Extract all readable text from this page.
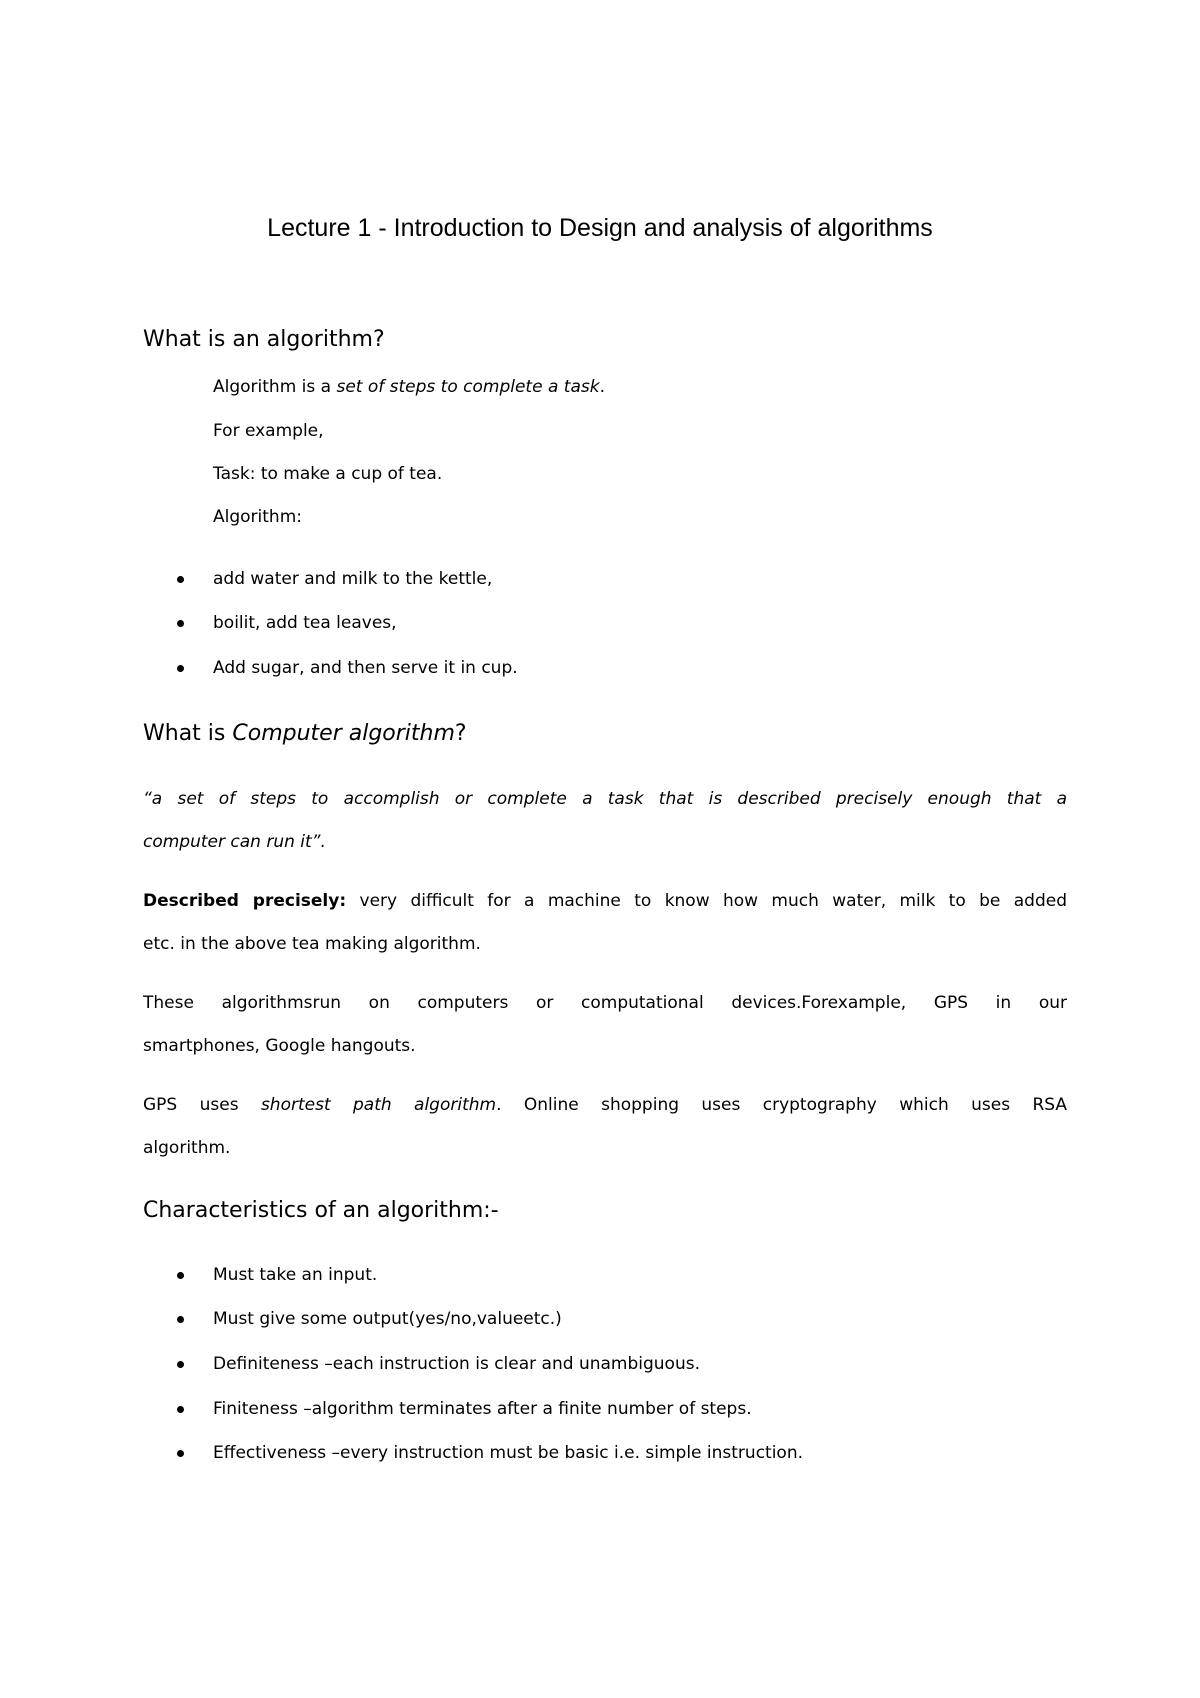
Lecture 1 - Introduction to Design and analysis of algorithms
What is an algorithm?
Algorithm is a set of steps to complete a task.
For example,
Task: to make a cup of tea.
Algorithm:
add water and milk to the kettle,
boilit, add tea leaves,
Add sugar, and then serve it in cup.
What is Computer algorithm?
“a set of steps to accomplish or complete a task that is described precisely enough that a
computer can run it”.
Described precisely: very difficult for a machine to know how much water, milk to be added
etc. in the above tea making algorithm.
These algorithmsrun on computers or computational devices.Forexample, GPS in our
smartphones, Google hangouts.
GPS uses shortest path algorithm. Online shopping uses cryptography which uses RSA
algorithm.
Characteristics of an algorithm:-
Must take an input.
Must give some output(yes/no,valueetc.)
Definiteness –each instruction is clear and unambiguous.
Finiteness –algorithm terminates after a finite number of steps.
Effectiveness –every instruction must be basic i.e. simple instruction.
